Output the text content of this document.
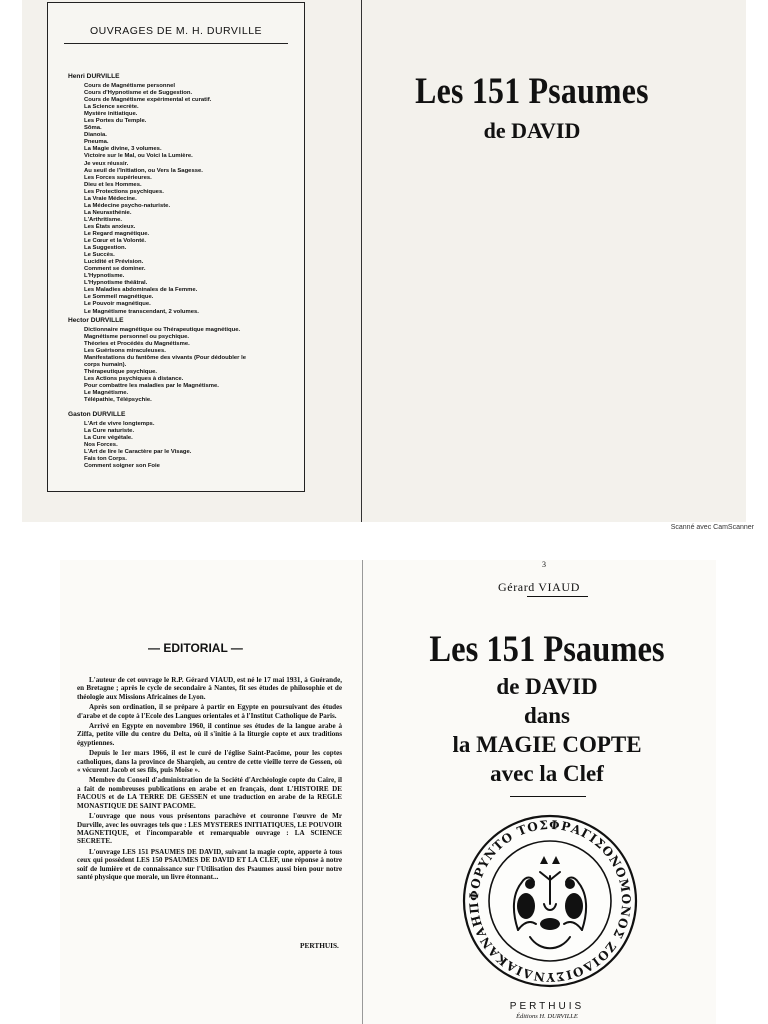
OUVRAGES DE M. H. DURVILLE
Henri DURVILLE
Cours de Magnétisme personnel
Cours d'Hypnotisme et de Suggestion.
Cours de Magnétisme expérimental et curatif.
La Science secrète.
Mystère initiatique.
Les Portes du Temple.
Sôma.
Dianoia.
Pneuma.
La Magie divine, 3 volumes.
Victoire sur le Mal, ou Voici la Lumière.
Je veux réussir.
Au seuil de l'Initiation, ou Vers la Sagesse.
Les Forces supérieures.
Dieu et les Hommes.
Les Protections psychiques.
La Vraie Médecine.
La Médecine psycho-naturiste.
La Neurasthénie.
L'Arthritisme.
Les États anxieux.
Le Regard magnétique.
Le Cœur et la Volonté.
La Suggestion.
Le Succès.
Lucidité et Prévision.
Comment se dominer.
L'Hypnotisme.
L'Hypnotisme théâtral.
Les Maladies abdominales de la Femme.
Le Sommeil magnétique.
Le Pouvoir magnétique.
Le Magnétisme transcendant, 2 volumes.
Hector DURVILLE
Dictionnaire magnétique ou Thérapeutique magnétique.
Magnétisme personnel ou psychique.
Théories et Procédés du Magnétisme.
Les Guérisons miraculeuses.
Manifestations du fantôme des vivants (Pour dédoubler le
corps humain).
Thérapeutique psychique.
Les Actions psychiques à distance.
Pour combattre les maladies par le Magnétisme.
Le Magnétisme.
Télépathie, Télépsychie.
Gaston DURVILLE
L'Art de vivre longtemps.
La Cure naturiste.
La Cure végétale.
Nos Forces.
L'Art de lire le Caractère par le Visage.
Fais ton Corps.
Comment soigner son Foie
Les 151 Psaumes
de DAVID
Scanné avec CamScanner
— EDITORIAL —

L'auteur de cet ouvrage le R.P. Gérard VIAUD, est né le 17 mai 1931, à Guérande, en Bretagne ; après le cycle de secondaire à Nantes, fit ses études de philosophie et de théologie aux Missions Africaines de Lyon.

Après son ordination, il se prépare à partir en Egypte en poursuivant des études d'arabe et de copte à l'Ecole des Langues orientales et à l'Institut Catholique de Paris.

Arrivé en Egypte en novembre 1960, il continue ses études de la langue arabe à Ziffa, petite ville du centre du Delta, où il s'initie à la liturgie copte et aux traditions égyptiennes.

Depuis le 1er mars 1966, il est le curé de l'église Saint-Pacôme, pour les coptes catholiques, dans la province de Sharqieh, au centre de cette vieille terre de Gessen, où « vécurent Jacob et ses fils, puis Moïse ».

Membre du Conseil d'administration de la Société d'Archéologie copte du Caire, il a fait de nombreuses publications en arabe et en français, dont L'HISTOIRE DE FACOUS et de LA TERRE DE GESSEN et une traduction en arabe de la REGLE MONASTIQUE DE SAINT PACOME.

L'ouvrage que nous vous présentons parachève et couronne l'œuvre de Mr Durville, avec les ouvrages tels que : LES MYSTERES INITIATIQUES, LE POUVOIR MAGNETIQUE, et l'incomparable et remarquable ouvrage : LA SCIENCE SECRETE.

L'ouvrage LES 151 PSAUMES DE DAVID, suivant la magie copte, apporte à tous ceux qui possèdent LES 150 PSAUMES DE DAVID ET LA CLEF, une réponse à notre soif de lumière et de connaissance sur l'Utilisation des Psaumes aussi bien pour notre santé physique que morale, un livre étonnant...

PERTHUIS.
3
Gérard VIAUD
Les 151 Psaumes
de DAVID
dans
la MAGIE COPTE
avec la Clef
ΦΟΡΥΝΤΟ ΤΟΣΦΡΑΓΙΣΟΝΟΜΟΝΟΣ ΖΟΙΔΟΙΣΥΝΔΙΑΚΑΝΑΗΠ
PERTHUIS
Éditions H. DURVILLE
